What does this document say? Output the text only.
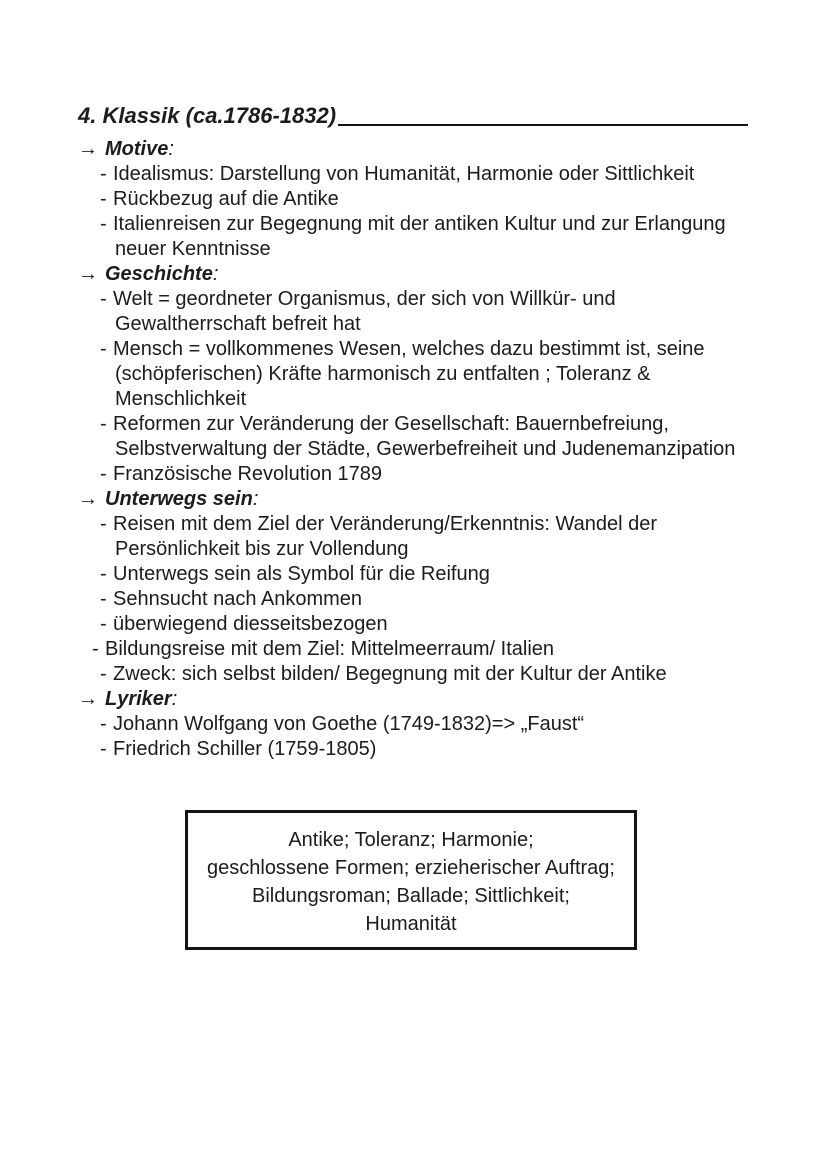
4. Klassik (ca.1786-1832)
→ Motive:
- Idealismus: Darstellung von Humanität, Harmonie oder Sittlichkeit
- Rückbezug auf die Antike
- Italienreisen zur Begegnung mit der antiken Kultur und zur Erlangung
neuer Kenntnisse
→ Geschichte:
- Welt = geordneter Organismus, der sich von Willkür- und
Gewaltherrschaft befreit hat
- Mensch = vollkommenes Wesen, welches dazu bestimmt ist, seine
(schöpferischen) Kräfte harmonisch zu entfalten ; Toleranz &
Menschlichkeit
- Reformen zur Veränderung der Gesellschaft: Bauernbefreiung,
Selbstverwaltung der Städte, Gewerbefreiheit und Judenemanzipation
- Französische Revolution 1789
→ Unterwegs sein:
- Reisen mit dem Ziel der Veränderung/Erkenntnis: Wandel der
Persönlichkeit bis zur Vollendung
- Unterwegs sein als Symbol für die Reifung
- Sehnsucht nach Ankommen
- überwiegend diesseitsbezogen
- Bildungsreise mit dem Ziel: Mittelmeerraum/ Italien
- Zweck: sich selbst bilden/ Begegnung mit der Kultur der Antike
→ Lyriker:
- Johann Wolfgang von Goethe (1749-1832)=> „Faust“
- Friedrich Schiller (1759-1805)
Antike; Toleranz; Harmonie;
geschlossene Formen; erzieherischer Auftrag;
Bildungsroman; Ballade; Sittlichkeit;
Humanität
